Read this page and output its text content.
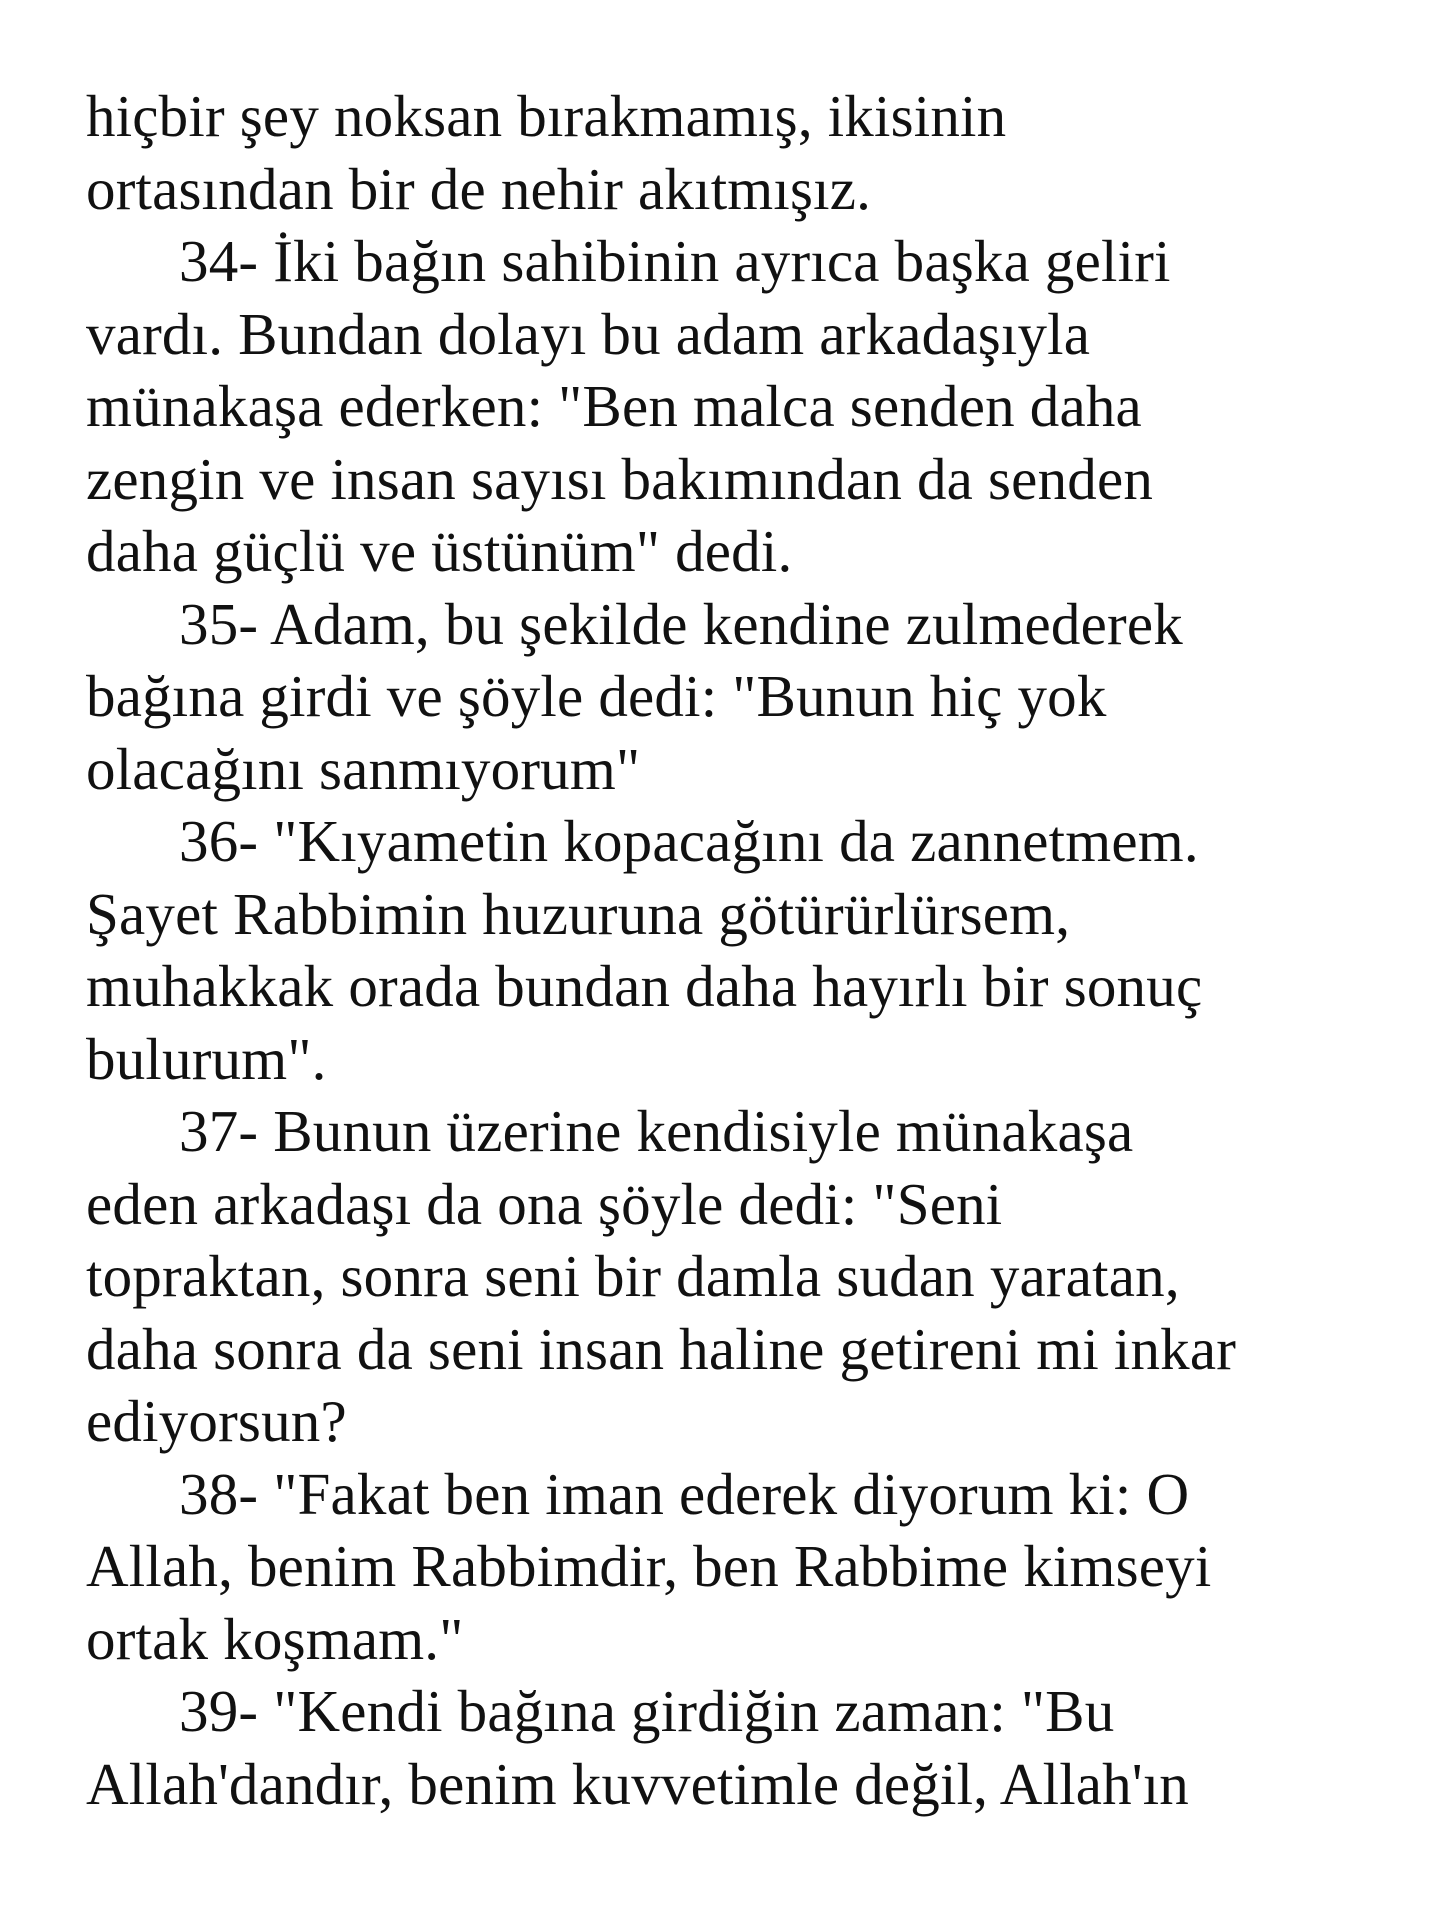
hiçbir şey noksan bırakmamış, ikisinin
ortasından bir de nehir akıtmışız.
34- İki bağın sahibinin ayrıca başka geliri
vardı. Bundan dolayı bu adam arkadaşıyla
münakaşa ederken: "Ben malca senden daha
zengin ve insan sayısı bakımından da senden
daha güçlü ve üstünüm" dedi.
35- Adam, bu şekilde kendine zulmederek
bağına girdi ve şöyle dedi: "Bunun hiç yok
olacağını sanmıyorum"
36- "Kıyametin kopacağını da zannetmem.
Şayet Rabbimin huzuruna götürürlürsem,
muhakkak orada bundan daha hayırlı bir sonuç
bulurum".
37- Bunun üzerine kendisiyle münakaşa
eden arkadaşı da ona şöyle dedi: "Seni
topraktan, sonra seni bir damla sudan yaratan,
daha sonra da seni insan haline getireni mi inkar
ediyorsun?
38- "Fakat ben iman ederek diyorum ki: O
Allah, benim Rabbimdir, ben Rabbime kimseyi
ortak koşmam."
39- "Kendi bağına girdiğin zaman: "Bu
Allah'dandır, benim kuvvetimle değil, Allah'ın
